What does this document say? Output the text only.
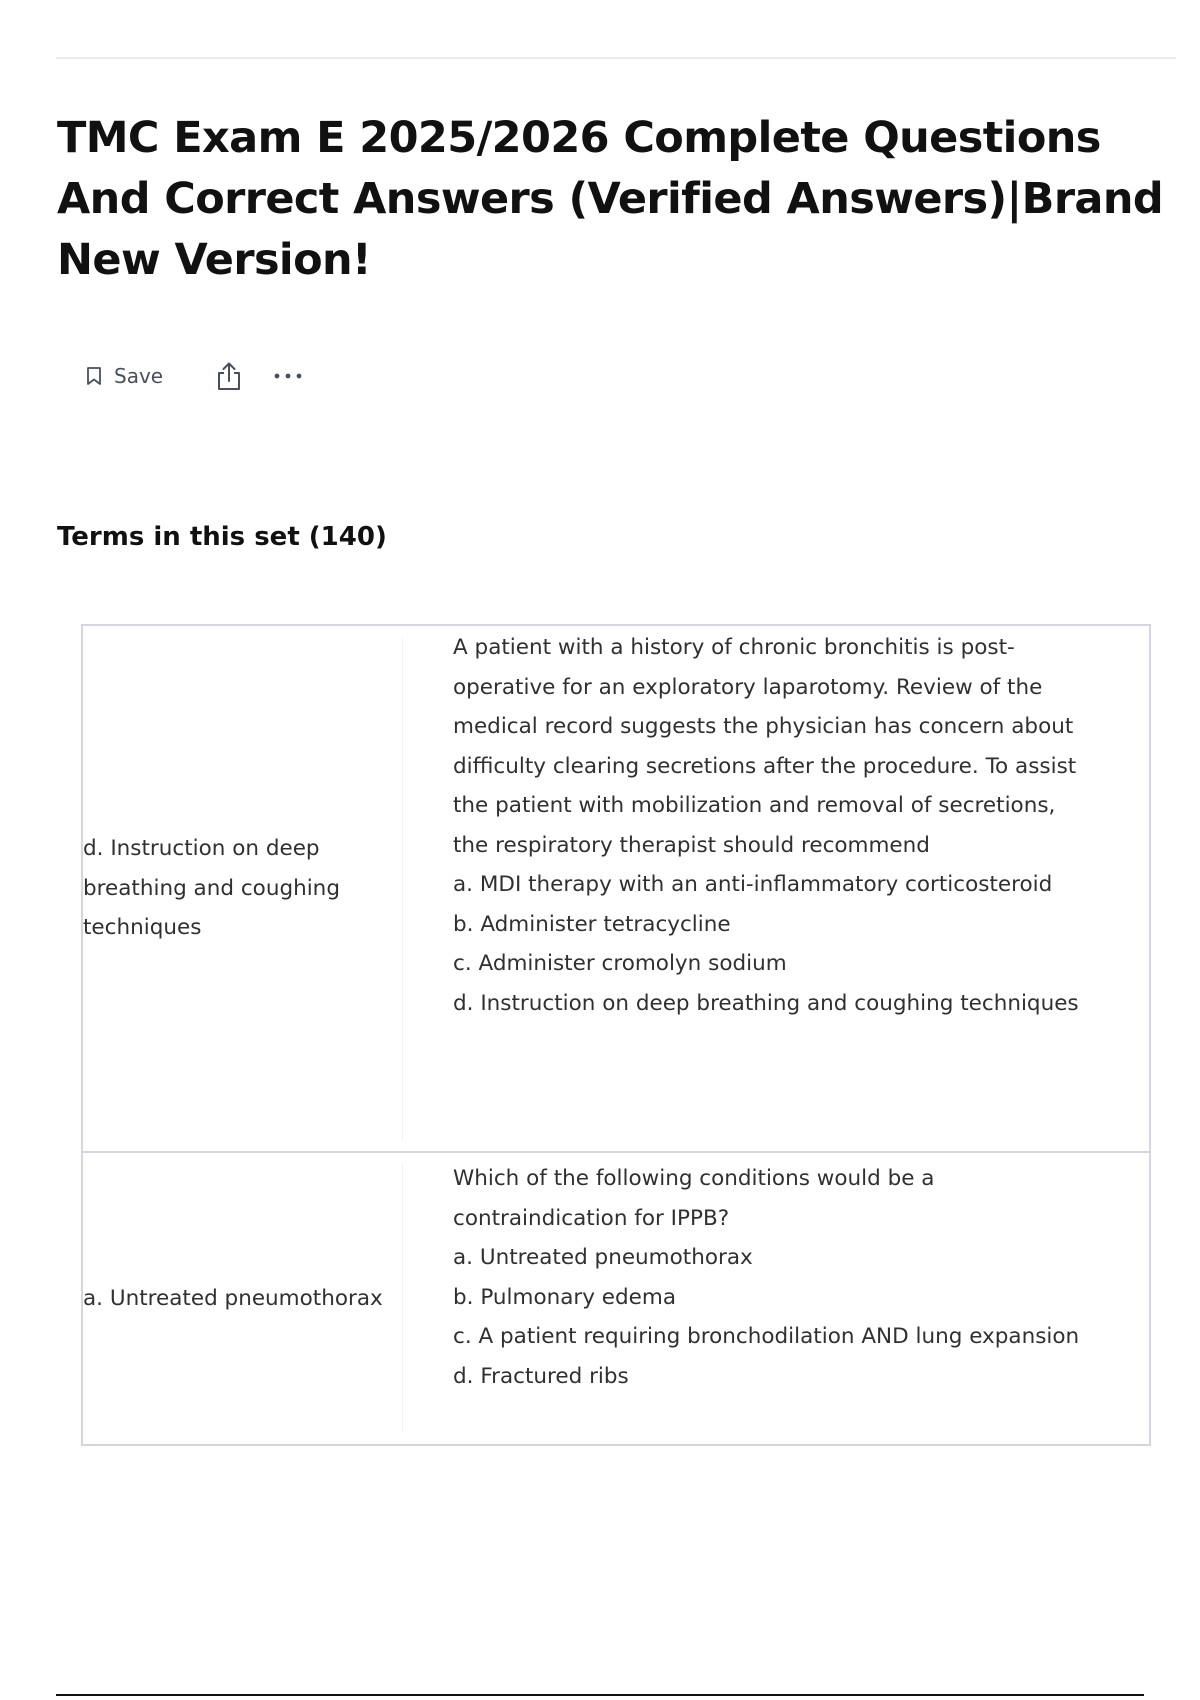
TMC Exam E 2025/2026 Complete Questions And Correct Answers (Verified Answers)|Brand New Version!
Save
Terms in this set (140)

d. Instruction on deep breathing and coughing techniques

A patient with a history of chronic bronchitis is post-operative for an exploratory laparotomy. Review of the medical record suggests the physician has concern about difficulty clearing secretions after the procedure. To assist the patient with mobilization and removal of secretions, the respiratory therapist should recommend

a. MDI therapy with an anti-inflammatory corticosteroid

b. Administer tetracycline

c. Administer cromolyn sodium

d. Instruction on deep breathing and coughing techniques

a. Untreated pneumothorax

Which of the following conditions would be a contraindication for IPPB?

a. Untreated pneumothorax

b. Pulmonary edema

c. A patient requiring bronchodilation AND lung expansion

d. Fractured ribs
